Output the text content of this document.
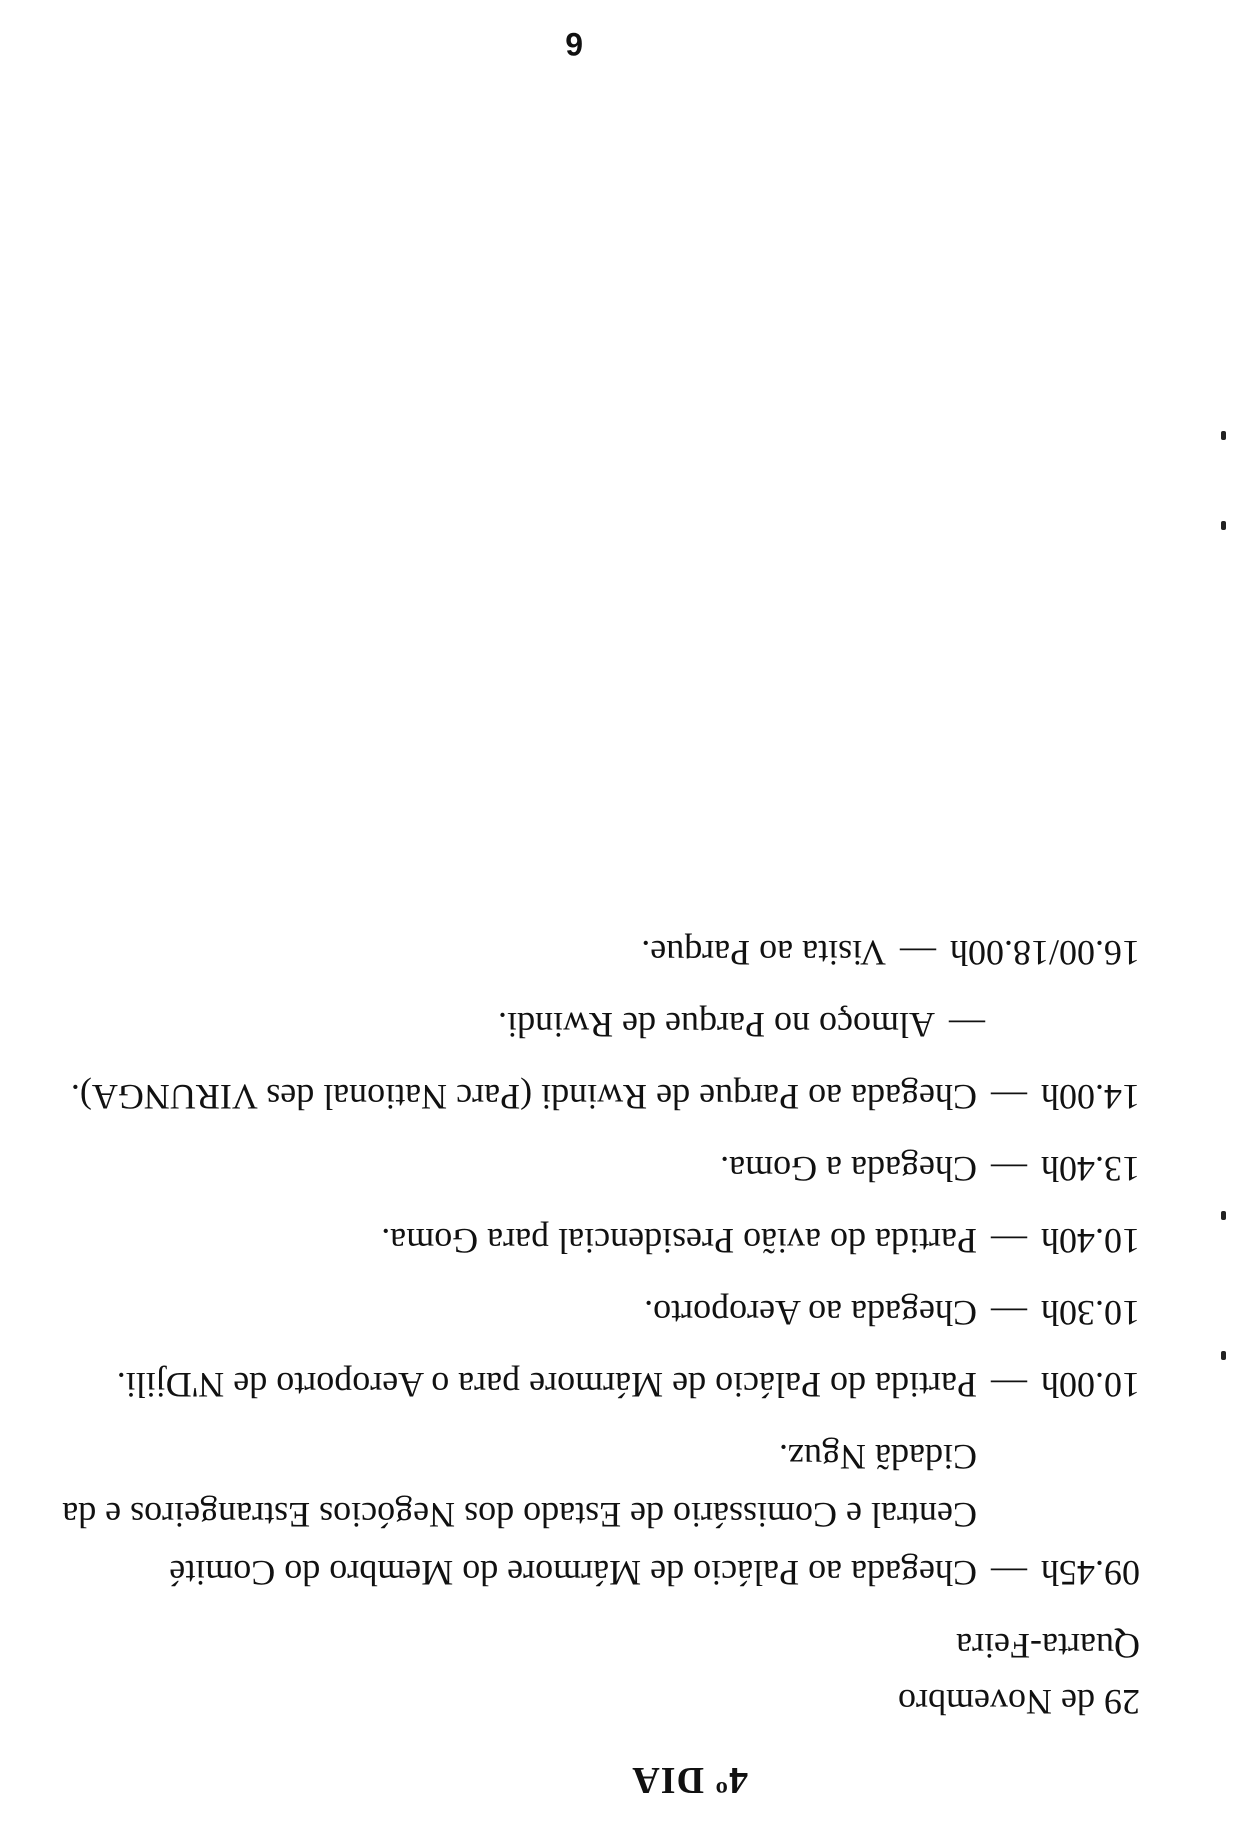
4º DIA
29 de Novembro
Quarta-Feira
09.45h
—
Chegada ao Palácio de Mármore do Membro do Comité Central e Comissário de Estado dos Negócios Estrangeiros e da Cidadã Nguz.
10.00h
—
Partida do Palácio de Mármore para o Aeroporto de N'Djili.
10.30h
—
Chegada ao Aeroporto.
10.40h
—
Partida do avião Presidencial para Goma.
13.40h
—
Chegada a Goma.
14.00h
—
Chegada ao Parque de Rwindi (Parc National des VIRUNGA).
—
Almoço no Parque de Rwindi.
16.00/18.00h
—
Visita ao Parque.
6
